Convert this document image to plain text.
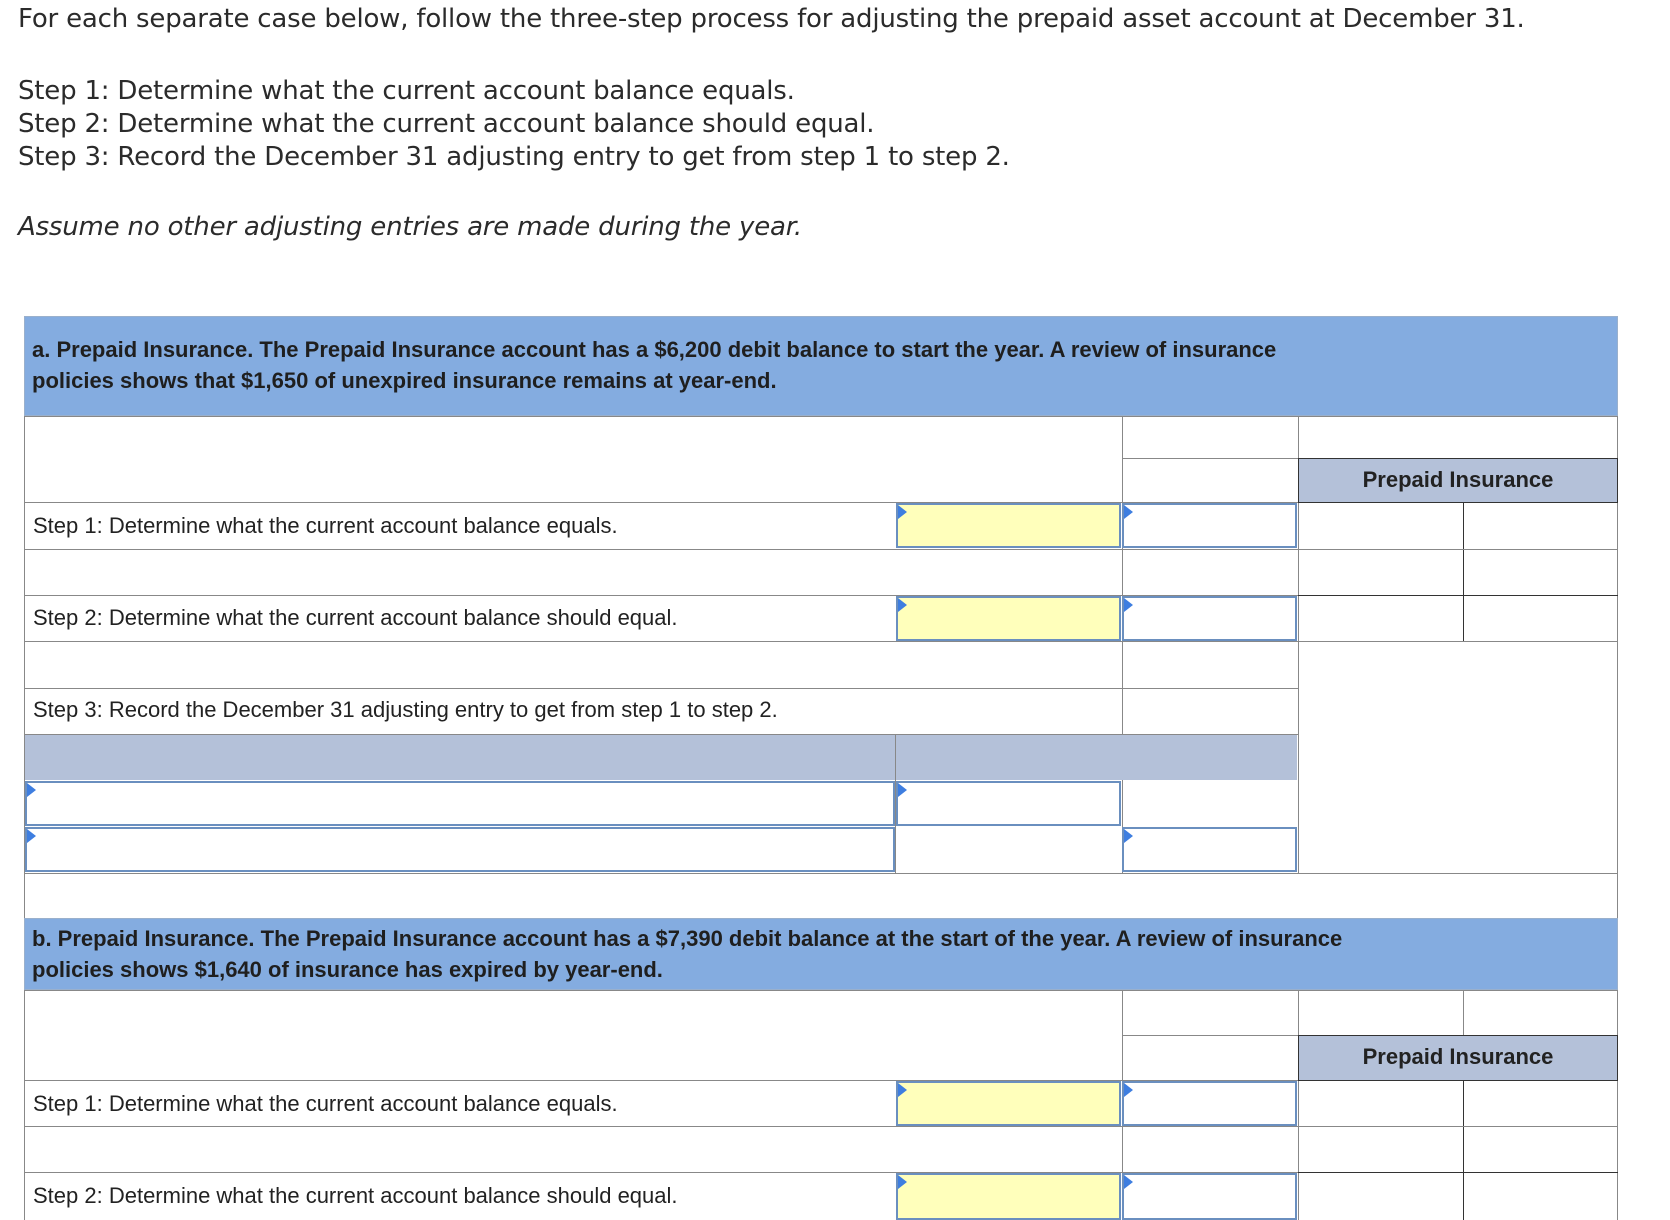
For each separate case below, follow the three-step process for adjusting the prepaid asset account at December 31.
Step 1: Determine what the current account balance equals.
Step 2: Determine what the current account balance should equal.
Step 3: Record the December 31 adjusting entry to get from step 1 to step 2.
Assume no other adjusting entries are made during the year.
a. Prepaid Insurance. The Prepaid Insurance account has a $6,200 debit balance to start the year. A review of insurance
policies shows that $1,650 of unexpired insurance remains at year-end.
Prepaid Insurance
Step 1: Determine what the current account balance equals.
Step 2: Determine what the current account balance should equal.
Step 3: Record the December 31 adjusting entry to get from step 1 to step 2.
b. Prepaid Insurance. The Prepaid Insurance account has a $7,390 debit balance at the start of the year. A review of insurance
policies shows $1,640 of insurance has expired by year-end.
Prepaid Insurance
Step 1: Determine what the current account balance equals.
Step 2: Determine what the current account balance should equal.
